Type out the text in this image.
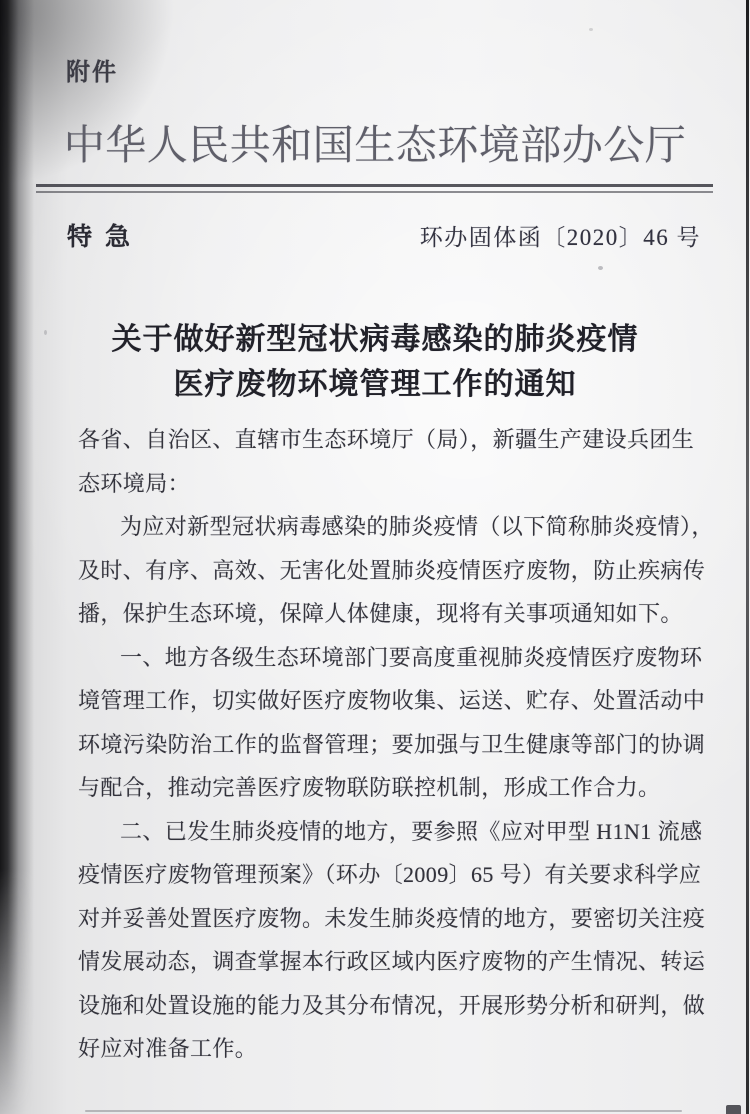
附件
中华人民共和国生态环境部办公厅
特急	环办固体函〔2020〕46 号
关于做好新型冠状病毒感染的肺炎疫情
医疗废物环境管理工作的通知
各省、自治区、直辖市生态环境厅（局），新疆生产建设兵团生
态环境局：
为应对新型冠状病毒感染的肺炎疫情（以下简称肺炎疫情），
及时、有序、高效、无害化处置肺炎疫情医疗废物，防止疾病传
播，保护生态环境，保障人体健康，现将有关事项通知如下。
一、地方各级生态环境部门要高度重视肺炎疫情医疗废物环
境管理工作，切实做好医疗废物收集、运送、贮存、处置活动中
环境污染防治工作的监督管理；要加强与卫生健康等部门的协调
与配合，推动完善医疗废物联防联控机制，形成工作合力。
二、已发生肺炎疫情的地方，要参照《应对甲型 H1N1 流感
疫情医疗废物管理预案》（环办〔2009〕65 号）有关要求科学应
对并妥善处置医疗废物。未发生肺炎疫情的地方，要密切关注疫
情发展动态，调查掌握本行政区域内医疗废物的产生情况、转运
设施和处置设施的能力及其分布情况，开展形势分析和研判，做
好应对准备工作。
